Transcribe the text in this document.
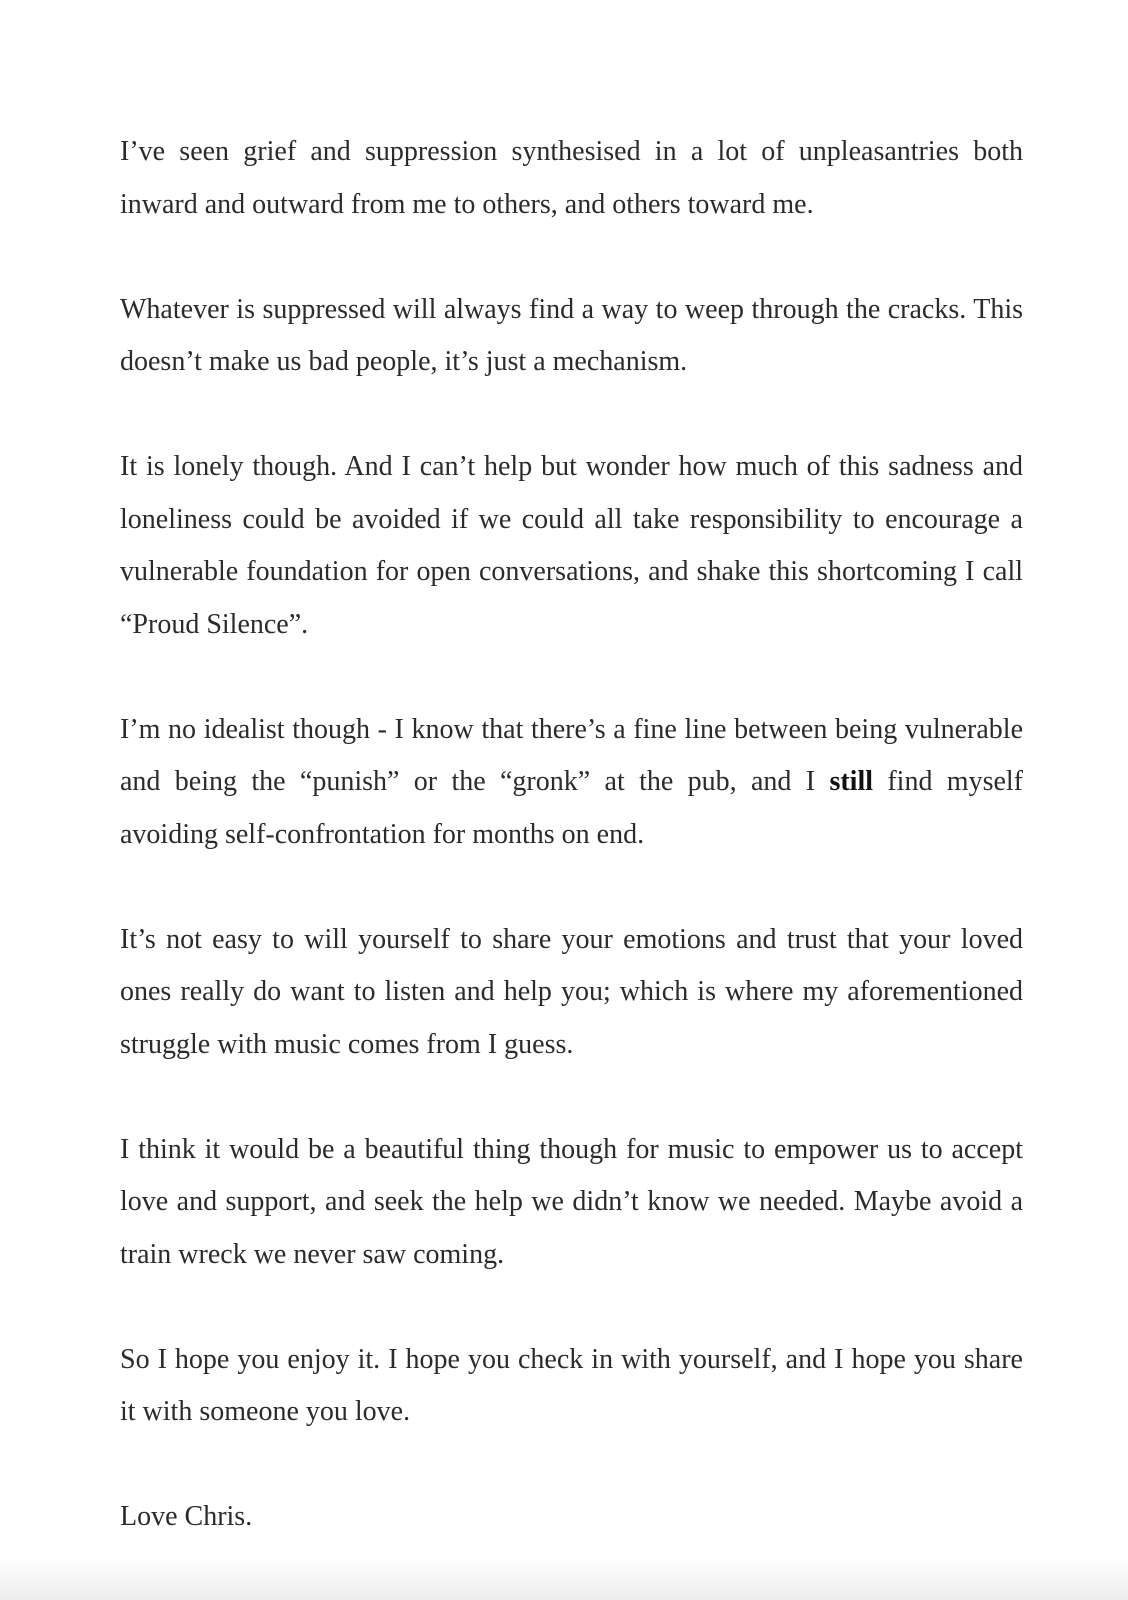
I’ve seen grief and suppression synthesised in a lot of unpleasantries both inward and outward from me to others, and others toward me.

Whatever is suppressed will always find a way to weep through the cracks. This doesn’t make us bad people, it’s just a mechanism.

It is lonely though. And I can’t help but wonder how much of this sadness and loneliness could be avoided if we could all take responsibility to encourage a vulnerable foundation for open conversations, and shake this shortcoming I call “Proud Silence”.

I’m no idealist though - I know that there’s a fine line between being vulnerable and being the “punish” or the “gronk” at the pub, and I still find myself avoiding self-confrontation for months on end.

It’s not easy to will yourself to share your emotions and trust that your loved ones really do want to listen and help you; which is where my aforementioned struggle with music comes from I guess.

I think it would be a beautiful thing though for music to empower us to accept love and support, and seek the help we didn’t know we needed. Maybe avoid a train wreck we never saw coming.

So I hope you enjoy it. I hope you check in with yourself, and I hope you share it with someone you love.

Love Chris.
